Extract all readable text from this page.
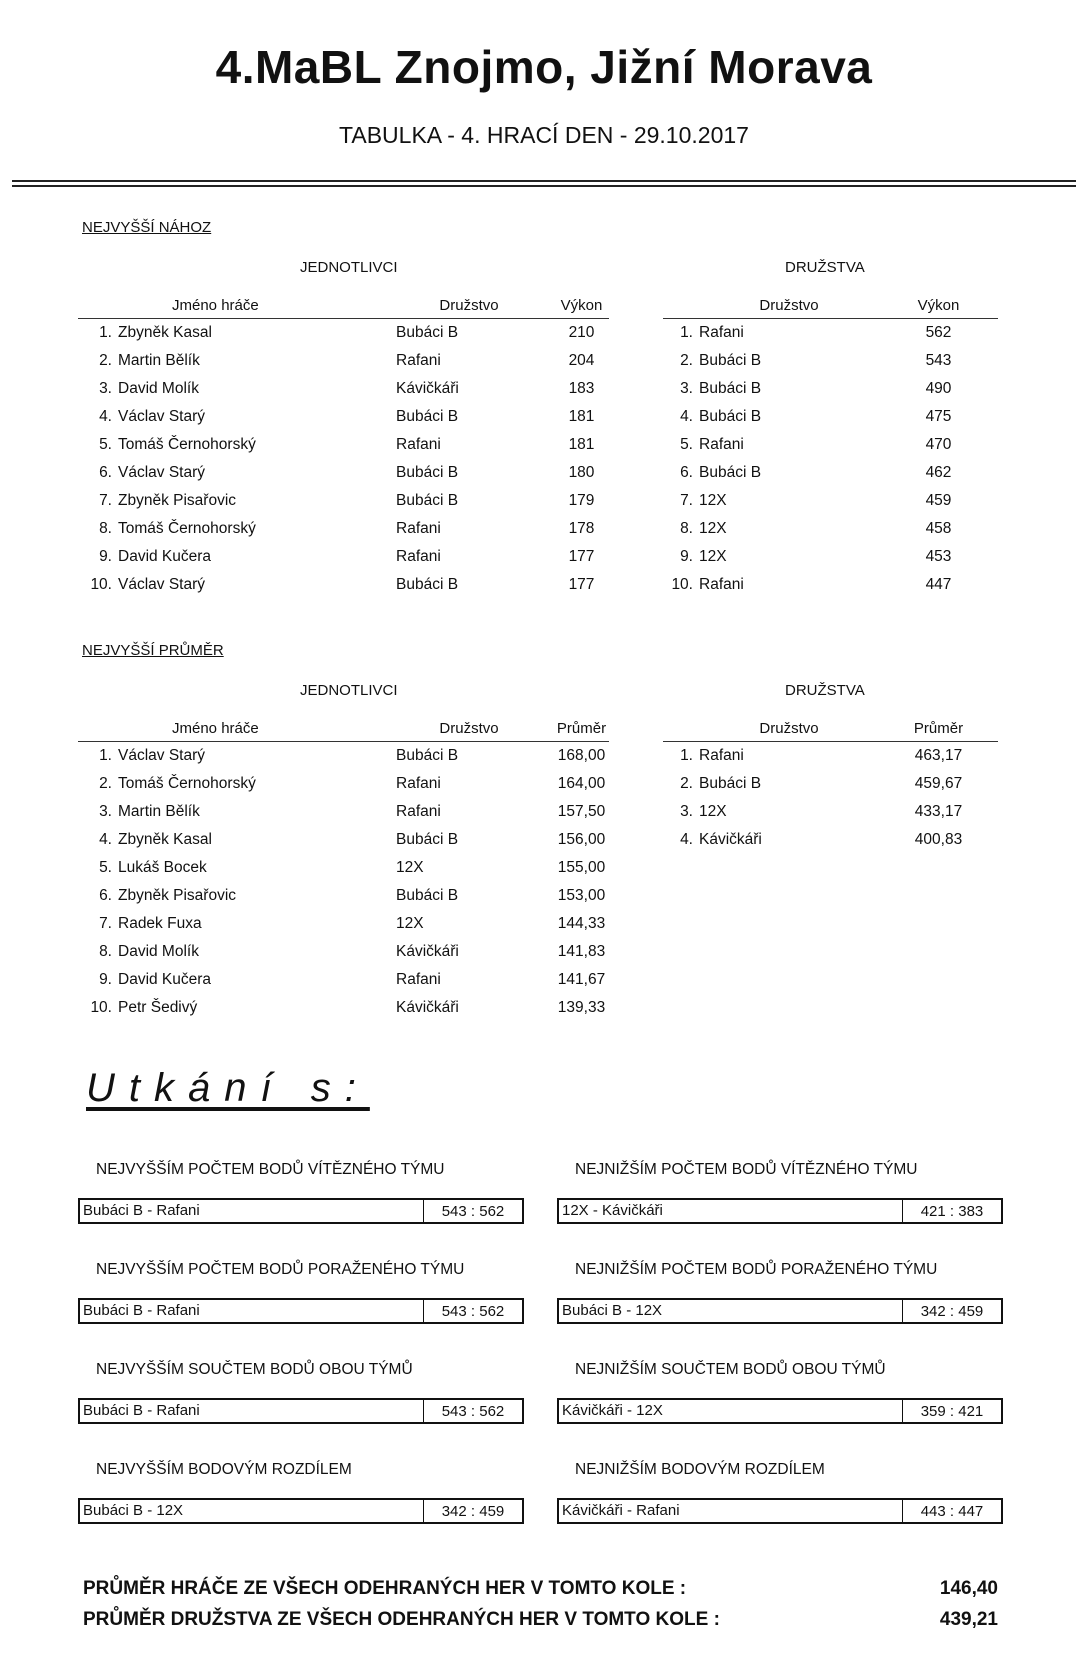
4.MaBL Znojmo, Jižní Morava
TABULKA - 4. HRACÍ DEN - 29.10.2017
NEJVYŠŠÍ NÁHOZ
JEDNOTLIVCI	DRUŽSTVA
	Jméno hráče	Družstvo	Výkon
1.	Zbyněk Kasal	Bubáci B	210
2.	Martin Bělík	Rafani	204
3.	David Molík	Kávičkáři	183
4.	Václav Starý	Bubáci B	181
5.	Tomáš Černohorský	Rafani	181
6.	Václav Starý	Bubáci B	180
7.	Zbyněk Pisařovic	Bubáci B	179
8.	Tomáš Černohorský	Rafani	178
9.	David Kučera	Rafani	177
10.	Václav Starý	Bubáci B	177
	Družstvo	Výkon
1.	Rafani	562
2.	Bubáci B	543
3.	Bubáci B	490
4.	Bubáci B	475
5.	Rafani	470
6.	Bubáci B	462
7.	12X	459
8.	12X	458
9.	12X	453
10.	Rafani	447
NEJVYŠŠÍ PRŮMĚR
JEDNOTLIVCI	DRUŽSTVA
	Jméno hráče	Družstvo	Průměr
1.	Václav Starý	Bubáci B	168,00
2.	Tomáš Černohorský	Rafani	164,00
3.	Martin Bělík	Rafani	157,50
4.	Zbyněk Kasal	Bubáci B	156,00
5.	Lukáš Bocek	12X	155,00
6.	Zbyněk Pisařovic	Bubáci B	153,00
7.	Radek Fuxa	12X	144,33
8.	David Molík	Kávičkáři	141,83
9.	David Kučera	Rafani	141,67
10.	Petr Šedivý	Kávičkáři	139,33
	Družstvo	Průměr
1.	Rafani	463,17
2.	Bubáci B	459,67
3.	12X	433,17
4.	Kávičkáři	400,83
Utkání s:
NEJVYŠŠÍM POČTEM BODŮ VÍTĚZNÉHO TÝMU
Bubáci B - Rafani	543 : 562
NEJVYŠŠÍM POČTEM BODŮ PORAŽENÉHO TÝMU
Bubáci B - Rafani	543 : 562
NEJVYŠŠÍM SOUČTEM BODŮ OBOU TÝMŮ
Bubáci B - Rafani	543 : 562
NEJVYŠŠÍM BODOVÝM ROZDÍLEM
Bubáci B - 12X	342 : 459
NEJNIŽŠÍM POČTEM BODŮ VÍTĚZNÉHO TÝMU
12X - Kávičkáři	421 : 383
NEJNIŽŠÍM POČTEM BODŮ PORAŽENÉHO TÝMU
Bubáci B - 12X	342 : 459
NEJNIŽŠÍM SOUČTEM BODŮ OBOU TÝMŮ
Kávičkáři - 12X	359 : 421
NEJNIŽŠÍM BODOVÝM ROZDÍLEM
Kávičkáři - Rafani	443 : 447
PRŮMĚR HRÁČE ZE VŠECH ODEHRANÝCH HER V TOMTO KOLE :	146,40
PRŮMĚR DRUŽSTVA ZE VŠECH ODEHRANÝCH HER V TOMTO KOLE :	439,21
